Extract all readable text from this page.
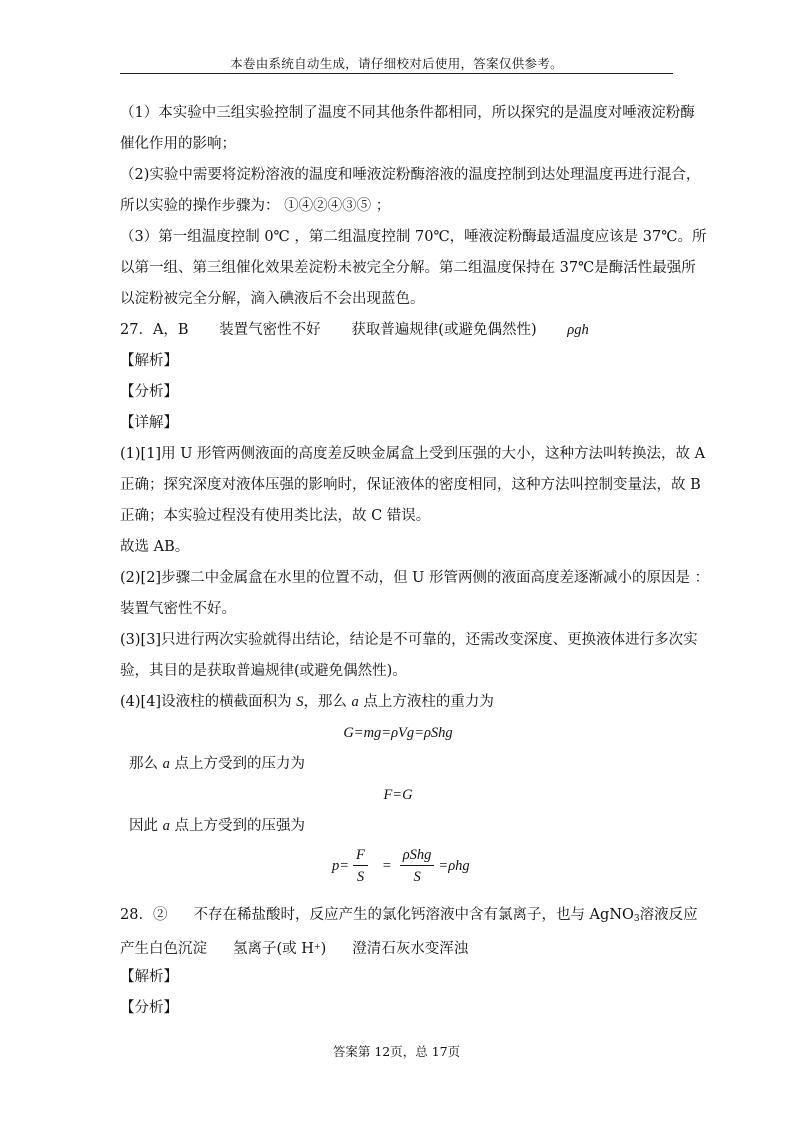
本卷由系统自动生成，请仔细校对后使用，答案仅供参考。
（1）本实验中三组实验控制了温度不同其他条件都相同，所以探究的是温度对唾液淀粉酶
催化作用的影响；
（2)实验中需要将淀粉溶液的温度和唾液淀粉酶溶液的温度控制到达处理温度再进行混合，
所以实验的操作步骤为： ①④②④③⑤ ；
（3）第一组温度控制 0℃ ，第二组温度控制 70℃，唾液淀粉酶最适温度应该是 37℃。所
以第一组、第三组催化效果差淀粉未被完全分解。第二组温度保持在 37℃是酶活性最强所
以淀粉被完全分解，滴入碘液后不会出现蓝色。
27．A，B 装置气密性不好 获取普遍规律(或避免偶然性) ρgh
【解析】
【分析】
【详解】
(1)[1]用 U 形管两侧液面的高度差反映金属盒上受到压强的大小，这种方法叫转换法，故 A
正确；探究深度对液体压强的影响时，保证液体的密度相同，这种方法叫控制变量法，故 B
正确；本实验过程没有使用类比法，故 C 错误。
故选 AB。
(2)[2]步骤二中金属盒在水里的位置不动，但 U 形管两侧的液面高度差逐渐减小的原因是 ：
装置气密性不好。
(3)[3]只进行两次实验就得出结论，结论是不可靠的，还需改变深度、更换液体进行多次实
验，其目的是获取普遍规律(或避免偶然性)。
(4)[4]设液柱的横截面积为 S，那么 a 点上方液柱的重力为
G=mg=ρVg=ρShg
那么 a 点上方受到的压力为
F=G
因此 a 点上方受到的压强为
$p= \frac{F}{S} = \frac{\text{ρShg}}{S} =\rho hg$
28．② 不存在稀盐酸时，反应产生的氯化钙溶液中含有氯离子，也与 AgNO$_3$溶液反应
产生白色沉淀 氢离子(或 H+) 澄清石灰水变浑浊
【解析】
【分析】
答案第 12页，总 17页
